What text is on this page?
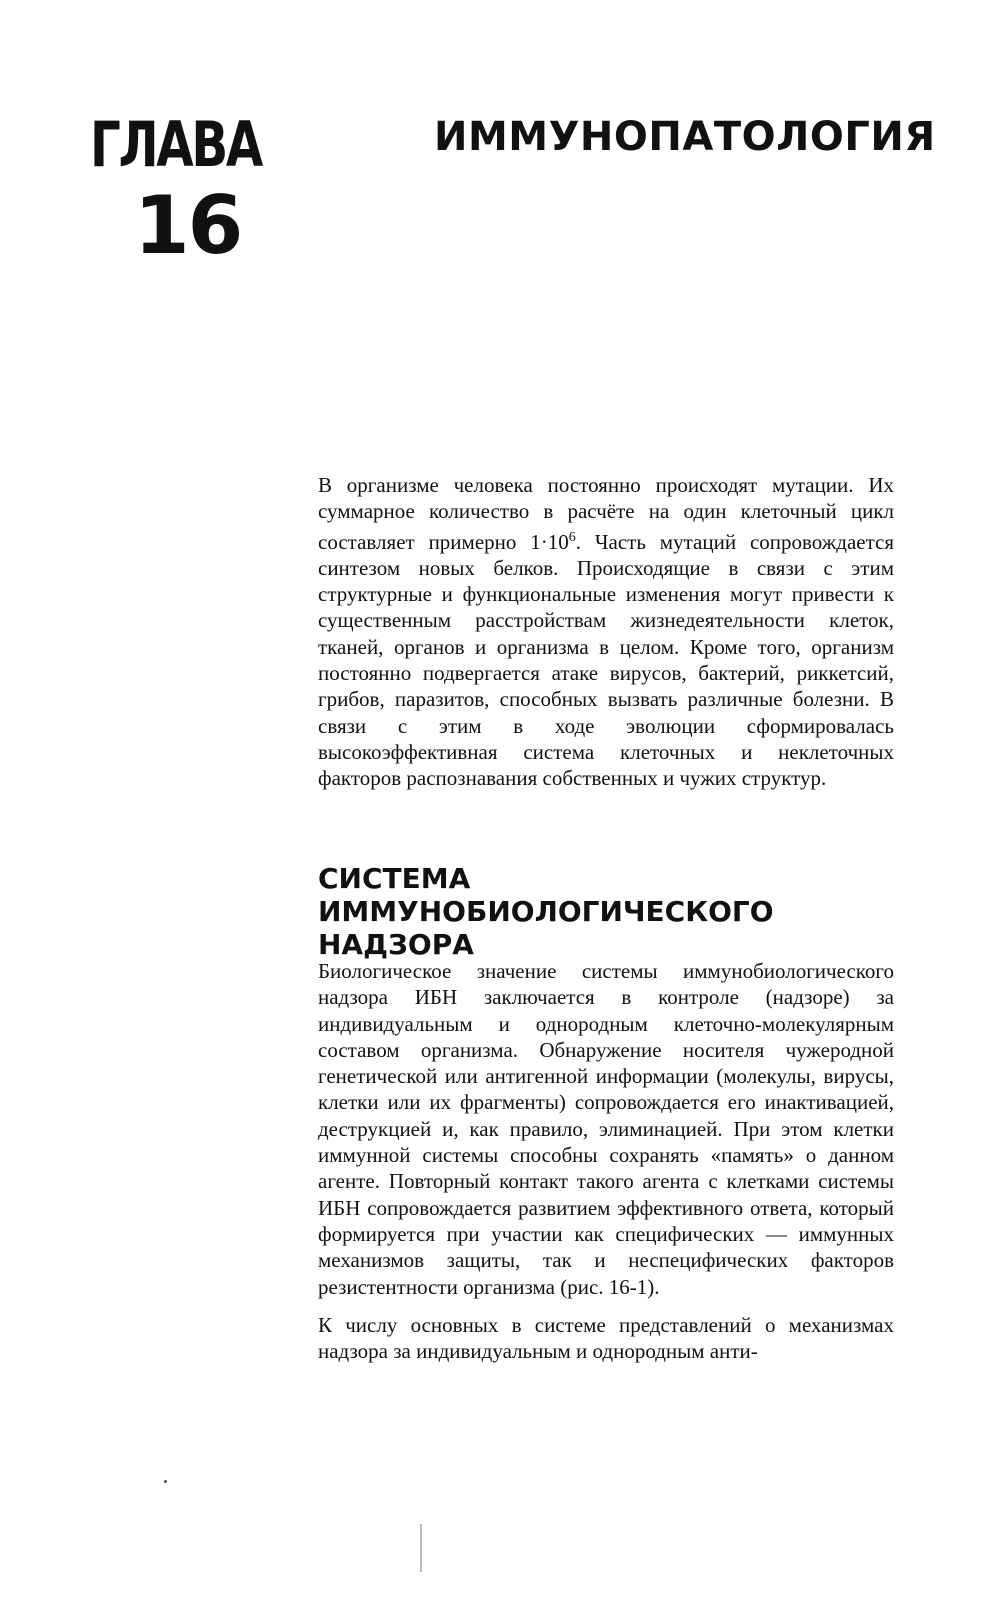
ГЛАВА
16
ИММУНОПАТОЛОГИЯ

В организме человека постоянно происходят мутации. Их суммарное количество в расчёте на один клеточный цикл составляет примерно $1\cdot 10^6$. Часть мутаций сопровождается синтезом новых белков. Происходящие в связи с этим структурные и функциональные изменения могут привести к существенным расстройствам жизнедеятельности клеток, тканей, органов и организма в целом. Кроме того, организм постоянно подвергается атаке вирусов, бактерий, риккетсий, грибов, паразитов, способных вызвать различные болезни. В связи с этим в ходе эволюции сформировалась высокоэффективная система клеточных и неклеточных факторов распознавания собственных и чужих структур.

СИСТЕМА ИММУНОБИОЛОГИЧЕСКОГО НАДЗОРА

Биологическое значение системы иммунобиологического надзора ИБН заключается в контроле (надзоре) за индивидуальным и однородным клеточно-молекулярным составом организма. Обнаружение носителя чужеродной генетической или антигенной информации (молекулы, вирусы, клетки или их фрагменты) сопровождается его инактивацией, деструкцией и, как правило, элиминацией. При этом клетки иммунной системы способны сохранять «память» о данном агенте. Повторный контакт такого агента с клетками системы ИБН сопровождается развитием эффективного ответа, который формируется при участии как специфических — иммунных механизмов защиты, так и неспецифических факторов резистентности организма (рис. 16-1).

К числу основных в системе представлений о механизмах надзора за индивидуальным и однородным анти-
